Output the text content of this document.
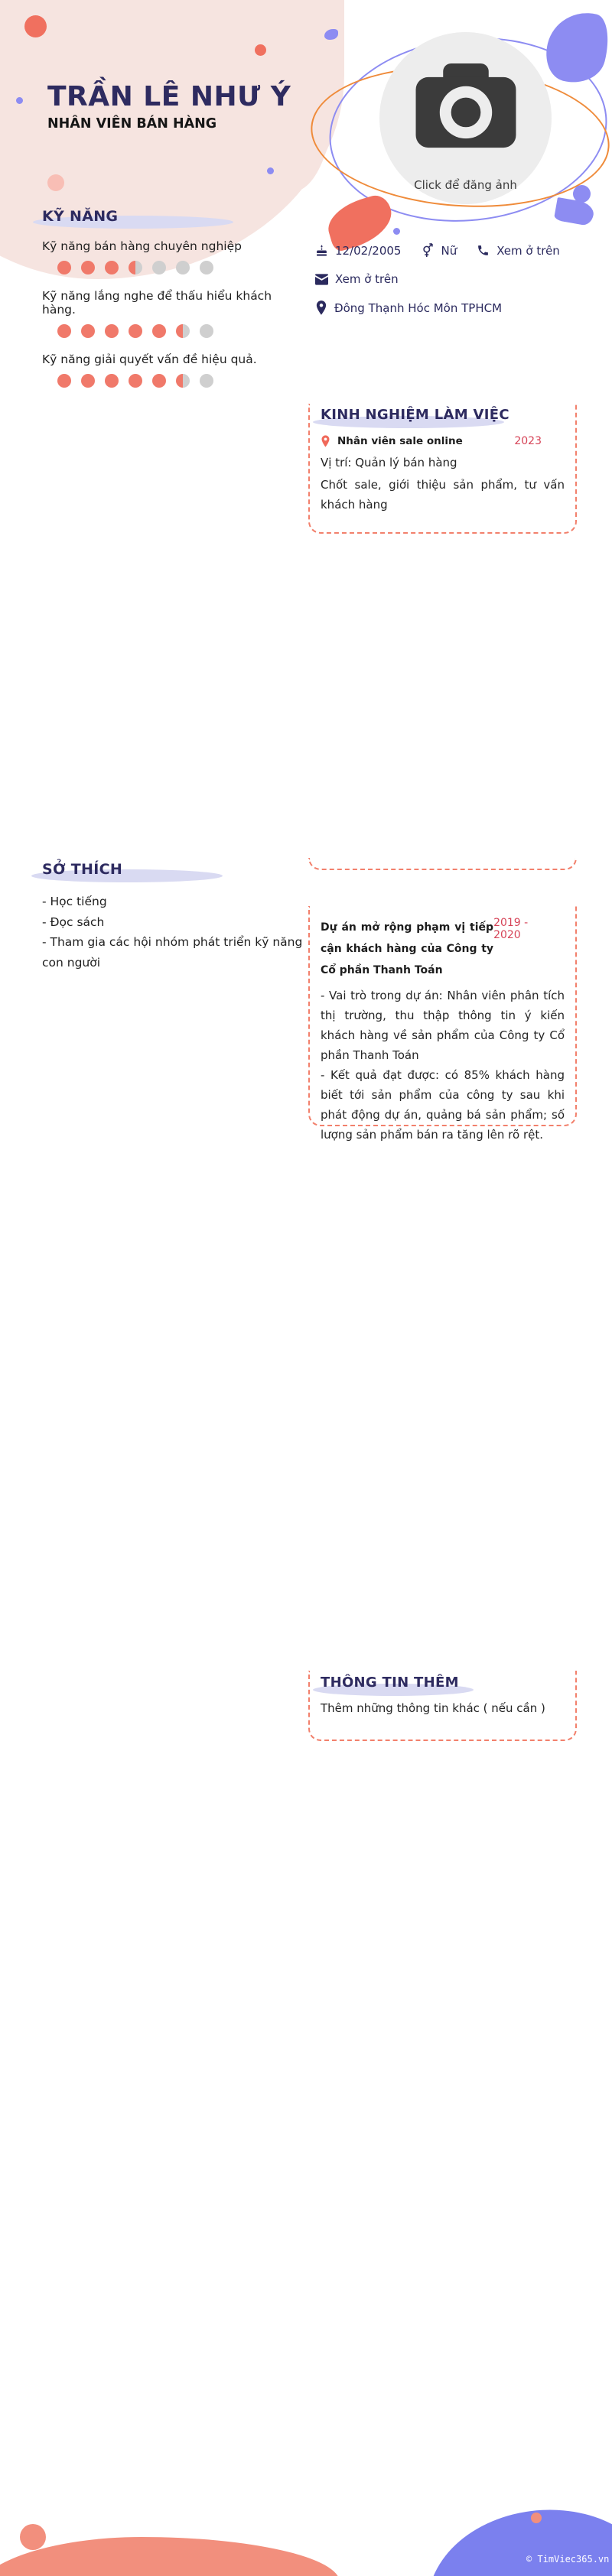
TRẦN LÊ NHƯ Ý
NHÂN VIÊN BÁN HÀNG
Click để đăng ảnh
12/02/2005	Nữ	Xem ở trên
Xem ở trên
Đông Thạnh Hóc Môn TPHCM
KỸ NĂNG
Kỹ năng bán hàng chuyên nghiệp
Kỹ năng lắng nghe để thấu hiểu khách hàng.
Kỹ năng giải quyết vấn đề hiệu quả.
KINH NGHIỆM LÀM VIỆC
Nhân viên sale online	2023
Vị trí: Quản lý bán hàng
Chốt sale, giới thiệu sản phẩm, tư vấn khách hàng
SỞ THÍCH
- Học tiếng
- Đọc sách
- Tham gia các hội nhóm phát triển kỹ năng con người
Dự án mở rộng phạm vị tiếp cận khách hàng của Công ty Cổ phần Thanh Toán
2019 - 2020
- Vai trò trong dự án: Nhân viên phân tích thị trường, thu thập thông tin ý kiến khách hàng về sản phẩm của Công ty Cổ phần Thanh Toán
- Kết quả đạt được: có 85% khách hàng biết tới sản phẩm của công ty sau khi phát động dự án, quảng bá sản phẩm; số lượng sản phẩm bán ra tăng lên rõ rệt.
THÔNG TIN THÊM
Thêm những thông tin khác ( nếu cần )
© TimViec365.vn
